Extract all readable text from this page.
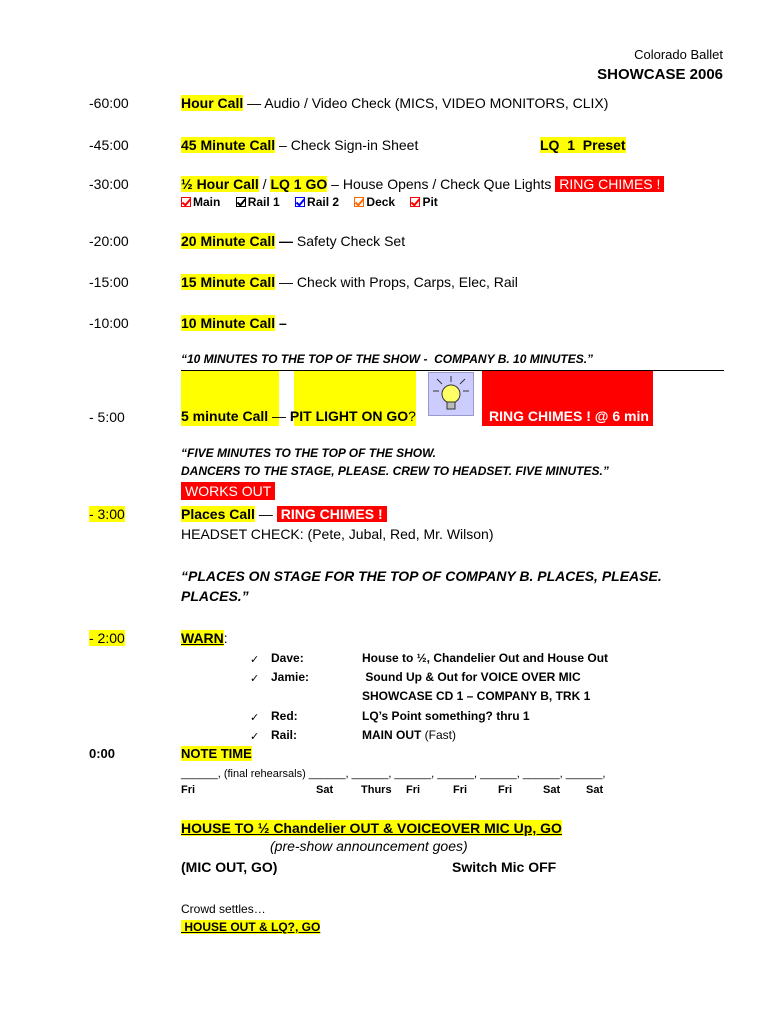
Colorado Ballet
SHOWCASE 2006
-60:00	Hour Call — Audio / Video Check (MICS, VIDEO MONITORS, CLIX)
-45:00	45 Minute Call – Check Sign-in Sheet	LQ  1  Preset
-30:00	½ Hour Call / LQ 1 GO – House Opens / Check Que Lights RING CHIMES !
Main Rail 1 Rail 2 Deck Pit
-20:00	20 Minute Call — Safety Check Set
-15:00	15 Minute Call — Check with Props, Carps, Elec, Rail
-10:00	10 Minute Call –
“10 MINUTES TO THE TOP OF THE SHOW -  COMPANY B. 10 MINUTES.”
- 5:00	5 minute Call — PIT LIGHT ON GO?	RING CHIMES ! @ 6 min
“FIVE MINUTES TO THE TOP OF THE SHOW.
DANCERS TO THE STAGE, PLEASE. CREW TO HEADSET. FIVE MINUTES.”
WORKS OUT
- 3:00	Places Call — RING CHIMES !
HEADSET CHECK: (Pete, Jubal, Red, Mr. Wilson)
“PLACES ON STAGE FOR THE TOP OF COMPANY B. PLACES, PLEASE.
PLACES.”
- 2:00	WARN:
✓ Dave:	House to ½, Chandelier Out and House Out
✓ Jamie:	Sound Up & Out for VOICE OVER MIC
SHOWCASE CD 1 – COMPANY B, TRK 1
✓ Red:	LQ’s Point something? thru 1
✓ Rail:	MAIN OUT (Fast)
0:00	NOTE TIME
______, (final rehearsals) ______, ______, ______, ______, ______, ______, ______,
Fri	Sat	Thurs Fri	Fri	Fri	Sat Sat
HOUSE TO ½ Chandelier OUT & VOICEOVER MIC Up, GO
(pre-show announcement goes)
(MIC OUT, GO)	Switch Mic OFF
Crowd settles…
HOUSE OUT & LQ?, GO
